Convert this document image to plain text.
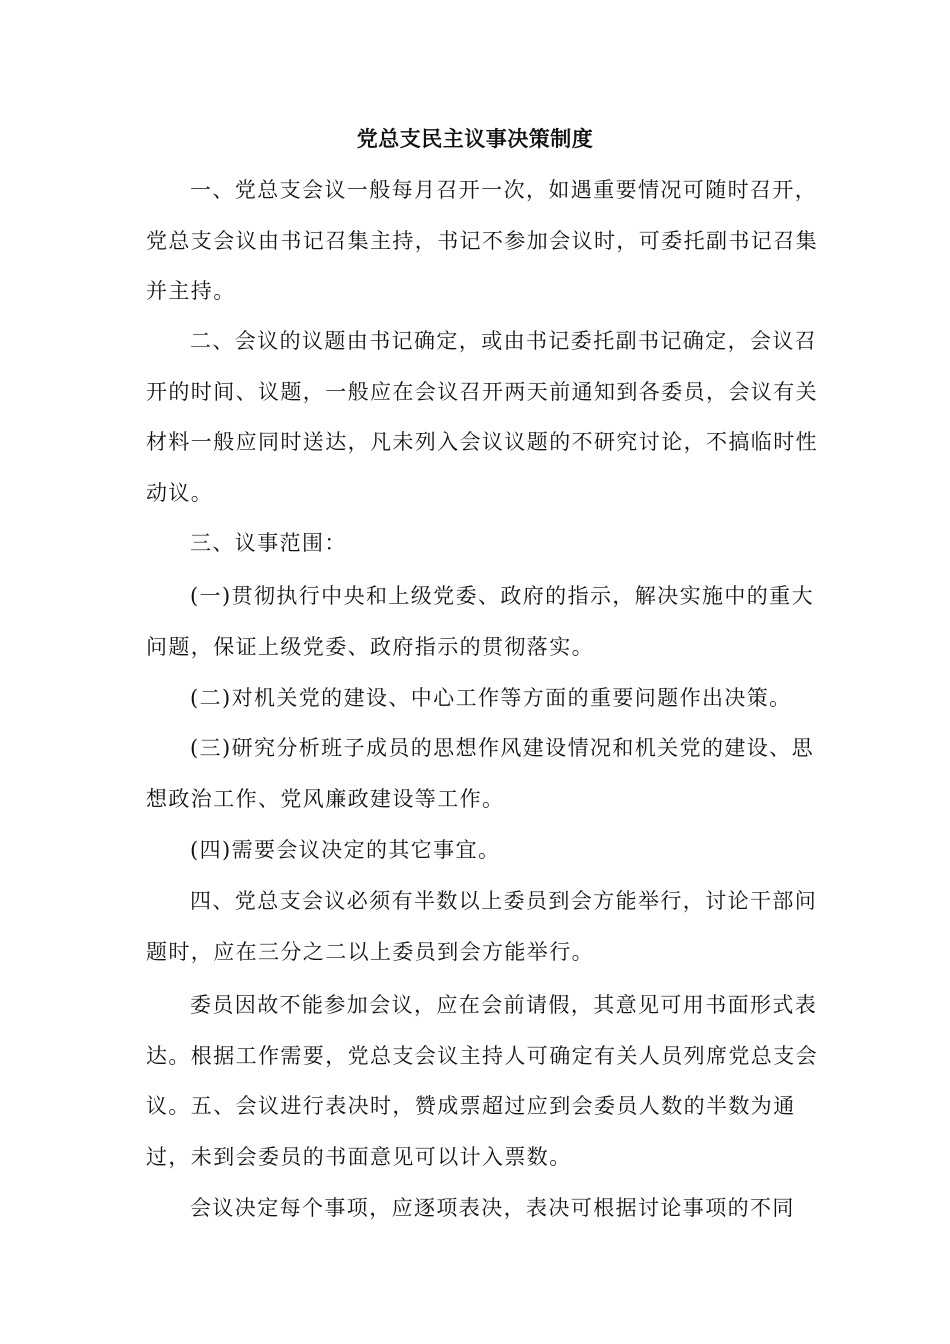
党总支民主议事决策制度

一、党总支会议一般每月召开一次，如遇重要情况可随时召开，党总支会议由书记召集主持，书记不参加会议时，可委托副书记召集并主持。

二、会议的议题由书记确定，或由书记委托副书记确定，会议召开的时间、议题，一般应在会议召开两天前通知到各委员，会议有关材料一般应同时送达，凡未列入会议议题的不研究讨论，不搞临时性动议。

三、议事范围：

(一)贯彻执行中央和上级党委、政府的指示，解决实施中的重大问题，保证上级党委、政府指示的贯彻落实。

(二)对机关党的建设、中心工作等方面的重要问题作出决策。

(三)研究分析班子成员的思想作风建设情况和机关党的建设、思想政治工作、党风廉政建设等工作。

(四)需要会议决定的其它事宜。

四、党总支会议必须有半数以上委员到会方能举行，讨论干部问题时，应在三分之二以上委员到会方能举行。

委员因故不能参加会议，应在会前请假，其意见可用书面形式表达。根据工作需要，党总支会议主持人可确定有关人员列席党总支会议。五、会议进行表决时，赞成票超过应到会委员人数的半数为通过，未到会委员的书面意见可以计入票数。

会议决定每个事项，应逐项表决，表决可根据讨论事项的不同
